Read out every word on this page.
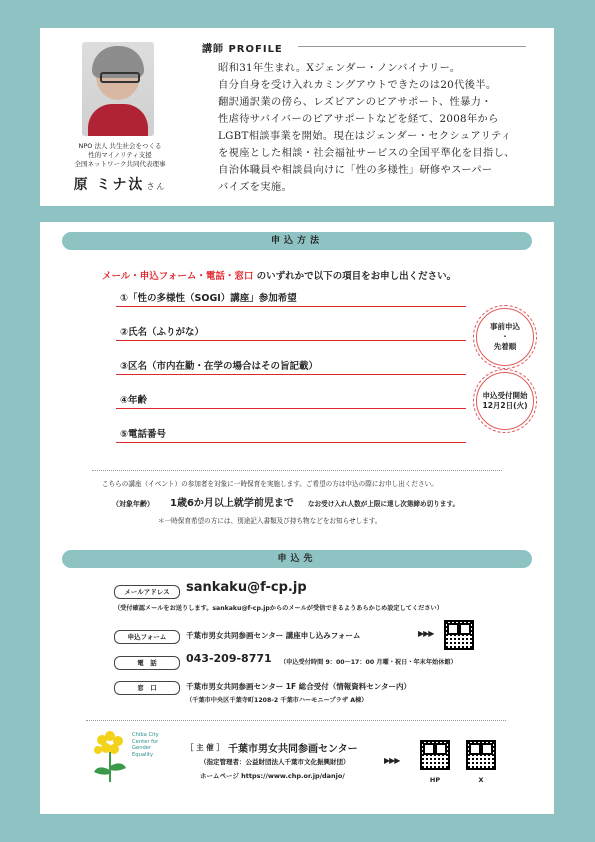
NPO 法人 共生社会をつくる
性的マイノリティ支援
全国ネットワーク共同代表理事
原 ミナ汰 さん
講師 PROFILE
昭和31年生まれ。Xジェンダー・ノンバイナリー。
自分自身を受け入れカミングアウトできたのは20代後半。
翻訳通訳業の傍ら、レズビアンのピアサポート、性暴力・
性虐待サバイバーのピアサポートなどを経て、2008年から
LGBT相談事業を開始。現在はジェンダー・セクシュアリティ
を視座とした相談・社会福祉サービスの全国平準化を目指し、
自治体職員や相談員向けに「性の多様性」研修やスーパー
バイズを実施。
申込方法
メール・申込フォーム・電話・窓口 のいずれかで以下の項目をお申し出ください。
①「性の多様性（SOGI）講座」参加希望
②氏名（ふりがな）
③区名（市内在勤・在学の場合はその旨記載）
④年齢
⑤電話番号
事前申込
・
先着順
申込受付開始
12月2日(火)
こちらの講座（イベント）の参加者を対象に一時保育を実施します。ご希望の方は申込の際にお申し出ください。
（対象年齢） 1歳6か月以上就学前児まで なお受け入れ人数が上限に達し次第締め切ります。
＊一時保育希望の方には、別途記入書類及び持ち物などをお知らせします。
申込先
メールアドレス	sankaku@f-cp.jp
（受付確認メールをお送りします。sankaku@f-cp.jpからのメールが受信できるようあらかじめ設定してください）
申込フォーム	千葉市男女共同参画センター 講座申し込みフォーム	▶▶▶
電　話	043-209-8771 （申込受付時間 9：00～17：00 月曜・祝日・年末年始休館）
窓　口	千葉市男女共同参画センター 1F 総合受付（情報資料センター内）
（千葉市中央区千葉寺町1208-2 千葉市ハーモニープラザ A棟）
Chiba City
Center for
Gender
Equality
［ 主 催 ］ 千葉市男女共同参画センター
（指定管理者：公益財団法人千葉市文化振興財団）
ホームページ https://www.chp.or.jp/danjo/
▶▶▶
HP	X
